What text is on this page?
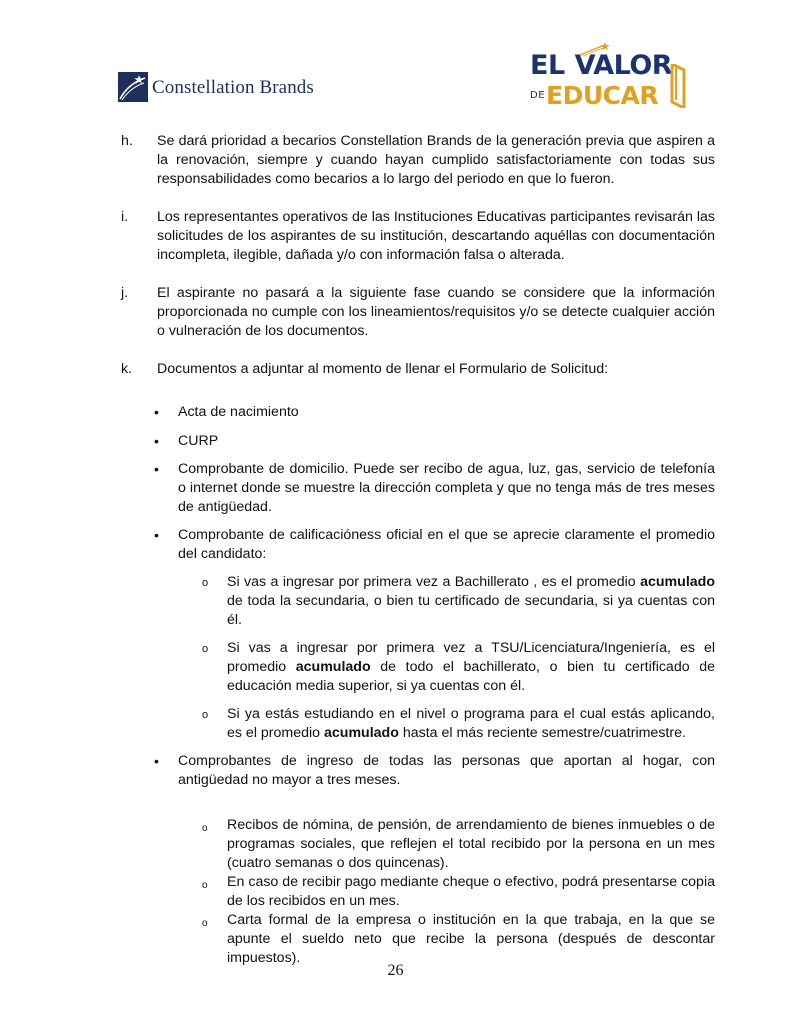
Constellation Brands
EL VALOR
DE EDUCAR
h. Se dará prioridad a becarios Constellation Brands de la generación previa que aspiren a la renovación, siempre y cuando hayan cumplido satisfactoriamente con todas sus responsabilidades como becarios a lo largo del periodo en que lo fueron.
i. Los representantes operativos de las Instituciones Educativas participantes revisarán las solicitudes de los aspirantes de su institución, descartando aquéllas con documentación incompleta, ilegible, dañada y/o con información falsa o alterada.
j. El aspirante no pasará a la siguiente fase cuando se considere que la información proporcionada no cumple con los lineamientos/requisitos y/o se detecte cualquier acción o vulneración de los documentos.
k. Documentos a adjuntar al momento de llenar el Formulario de Solicitud:
• Acta de nacimiento
• CURP
• Comprobante de domicilio. Puede ser recibo de agua, luz, gas, servicio de telefonía o internet donde se muestre la dirección completa y que no tenga más de tres meses de antigüedad.
• Comprobante de calificacióness oficial en el que se aprecie claramente el promedio del candidato:
o Si vas a ingresar por primera vez a Bachillerato , es el promedio acumulado de toda la secundaria, o bien tu certificado de secundaria, si ya cuentas con él.
o Si vas a ingresar por primera vez a TSU/Licenciatura/Ingeniería, es el promedio acumulado de todo el bachillerato, o bien tu certificado de educación media superior, si ya cuentas con él.
o Si ya estás estudiando en el nivel o programa para el cual estás aplicando, es el promedio acumulado hasta el más reciente semestre/cuatrimestre.
• Comprobantes de ingreso de todas las personas que aportan al hogar, con antigüedad no mayor a tres meses.
o Recibos de nómina, de pensión, de arrendamiento de bienes inmuebles o de programas sociales, que reflejen el total recibido por la persona en un mes (cuatro semanas o dos quincenas).
o En caso de recibir pago mediante cheque o efectivo, podrá presentarse copia de los recibidos en un mes.
o Carta formal de la empresa o institución en la que trabaja, en la que se apunte el sueldo neto que recibe la persona (después de descontar impuestos).
26
